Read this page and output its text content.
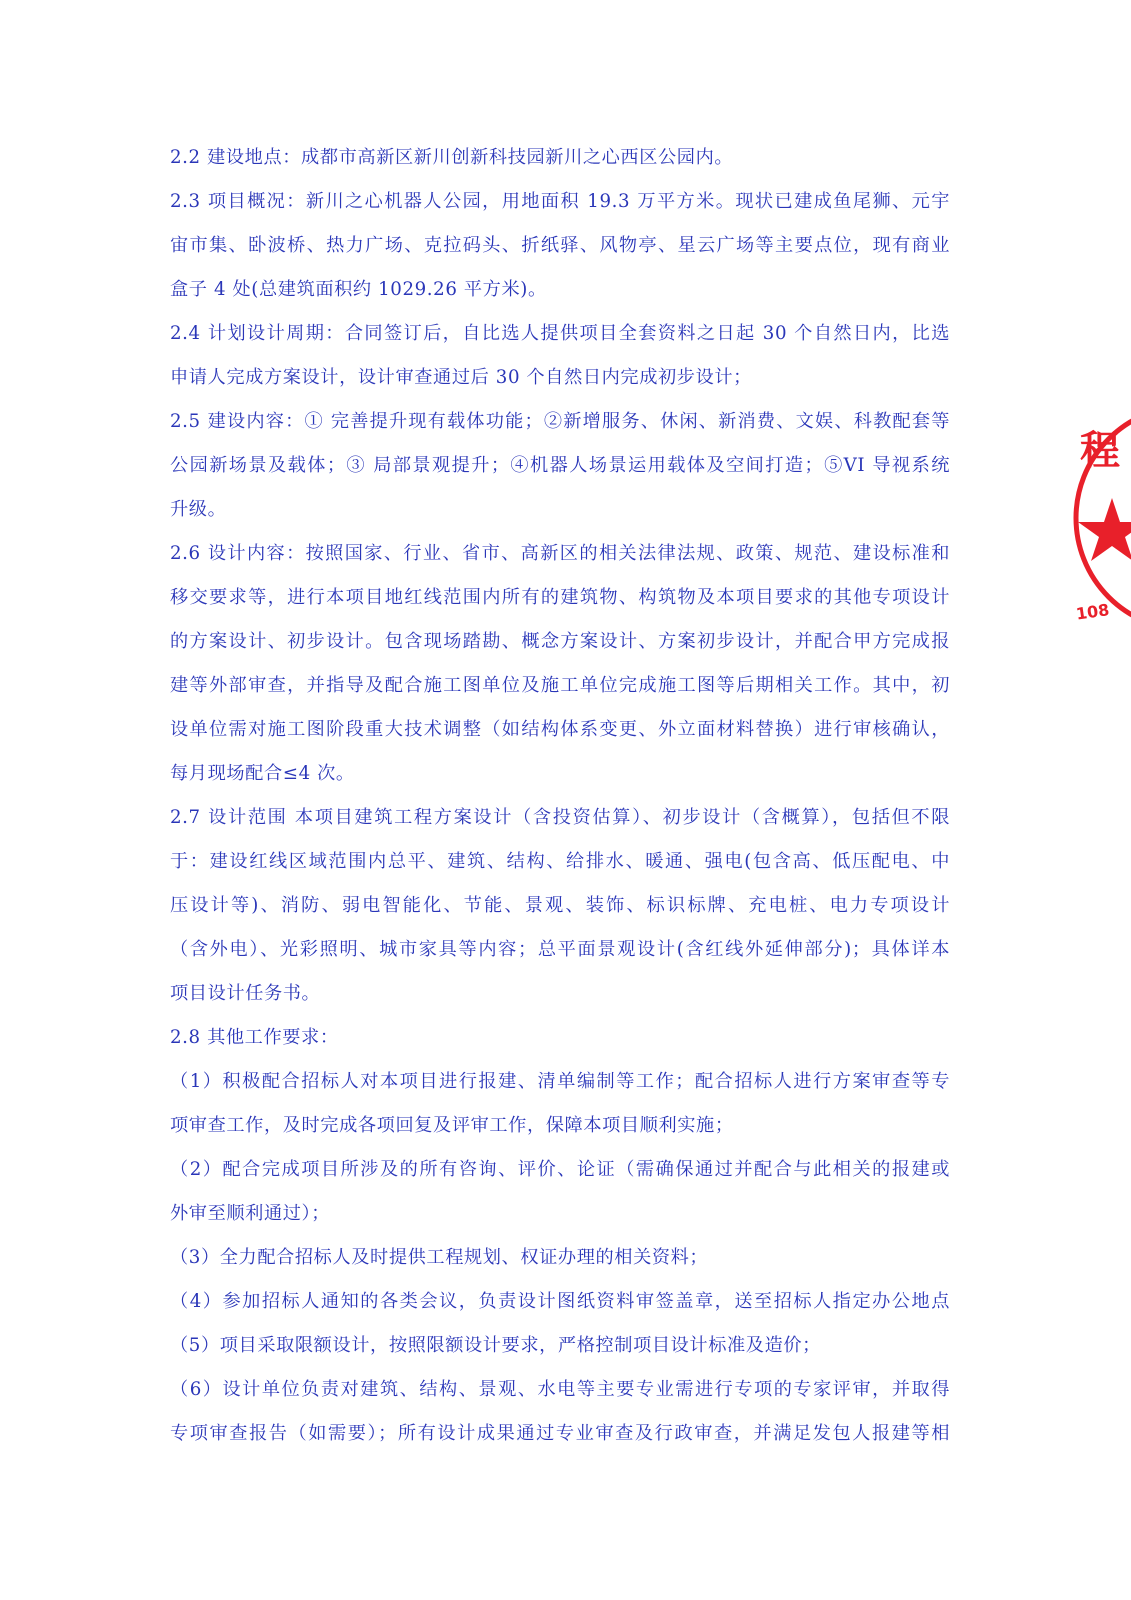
2.2 建设地点：成都市高新区新川创新科技园新川之心西区公园内。
2.3 项目概况：新川之心机器人公园，用地面积 19.3 万平方米。现状已建成鱼尾狮、元宇
宙市集、卧波桥、热力广场、克拉码头、折纸驿、风物亭、星云广场等主要点位，现有商业
盒子 4 处(总建筑面积约 1029.26 平方米)。
2.4 计划设计周期：合同签订后，自比选人提供项目全套资料之日起 30 个自然日内，比选
申请人完成方案设计，设计审查通过后 30 个自然日内完成初步设计；
2.5 建设内容：① 完善提升现有载体功能；②新增服务、休闲、新消费、文娱、科教配套等
公园新场景及载体；③ 局部景观提升；④机器人场景运用载体及空间打造；⑤VI 导视系统
升级。
2.6 设计内容：按照国家、行业、省市、高新区的相关法律法规、政策、规范、建设标准和
移交要求等，进行本项目地红线范围内所有的建筑物、构筑物及本项目要求的其他专项设计
的方案设计、初步设计。包含现场踏勘、概念方案设计、方案初步设计，并配合甲方完成报
建等外部审查，并指导及配合施工图单位及施工单位完成施工图等后期相关工作。其中，初
设单位需对施工图阶段重大技术调整（如结构体系变更、外立面材料替换）进行审核确认，
每月现场配合≤4 次。
2.7 设计范围 本项目建筑工程方案设计（含投资估算）、初步设计（含概算），包括但不限
于：建设红线区域范围内总平、建筑、结构、给排水、暖通、强电(包含高、低压配电、中
压设计等)、消防、弱电智能化、节能、景观、装饰、标识标牌、充电桩、电力专项设计
（含外电）、光彩照明、城市家具等内容；总平面景观设计(含红线外延伸部分)；具体详本
项目设计任务书。
2.8 其他工作要求：
（1）积极配合招标人对本项目进行报建、清单编制等工作；配合招标人进行方案审查等专
项审查工作，及时完成各项回复及评审工作，保障本项目顺利实施；
（2）配合完成项目所涉及的所有咨询、评价、论证（需确保通过并配合与此相关的报建或
外审至顺利通过）；
（3）全力配合招标人及时提供工程规划、权证办理的相关资料；
（4）参加招标人通知的各类会议，负责设计图纸资料审签盖章，送至招标人指定办公地点
（5）项目采取限额设计，按照限额设计要求，严格控制项目设计标准及造价；
（6）设计单位负责对建筑、结构、景观、水电等主要专业需进行专项的专家评审，并取得
专项审查报告（如需要）；所有设计成果通过专业审查及行政审查，并满足发包人报建等相
程
108
